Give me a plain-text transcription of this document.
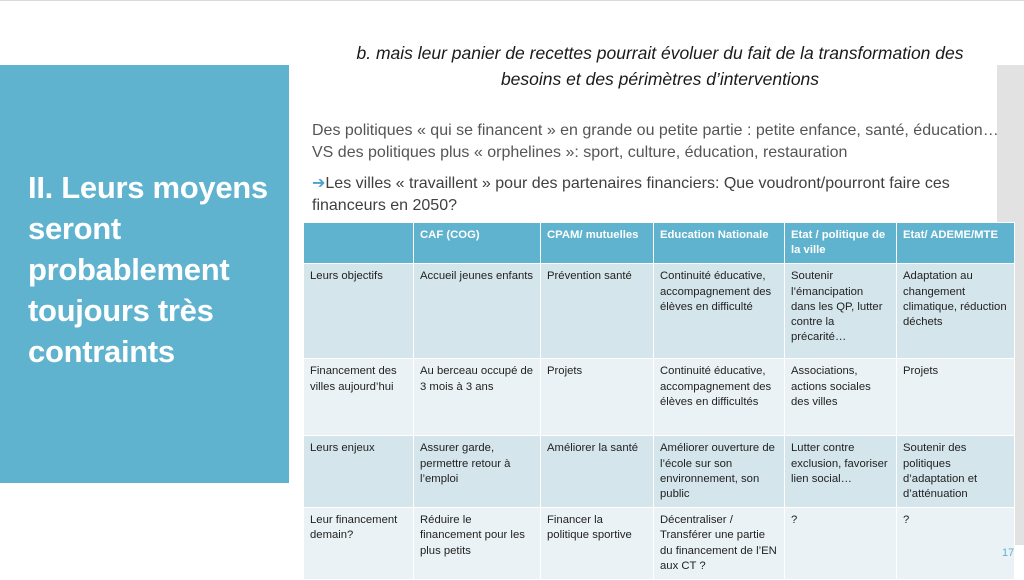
II. Leurs moyens seront probablement toujours très contraints
b. mais leur panier de recettes pourrait évoluer du fait de la transformation des besoins et des périmètres d’interventions
Des politiques « qui se financent » en grande ou petite partie : petite enfance, santé, éducation… VS des politiques plus « orphelines »: sport, culture, éducation, restauration
➔Les villes « travaillent » pour des partenaires financiers: Que voudront/pourront faire ces financeurs en 2050?
	CAF (COG)	CPAM/ mutuelles	Education Nationale	Etat / politique de la ville	Etat/ ADEME/MTE
Leurs objectifs	Accueil jeunes enfants	Prévention santé	Continuité éducative, accompagnement des élèves en difficulté	Soutenir l’émancipation dans les QP, lutter contre la précarité…	Adaptation au changement climatique, réduction déchets
Financement des villes aujourd’hui	Au berceau occupé de 3 mois à 3 ans	Projets	Continuité éducative, accompagnement des élèves en difficultés	Associations, actions sociales des villes	Projets
Leurs enjeux	Assurer garde, permettre retour à l’emploi	Améliorer la santé	Améliorer ouverture de l’école sur son environnement, son public	Lutter contre exclusion, favoriser lien social…	Soutenir des politiques d’adaptation et d’atténuation
Leur financement demain?	Réduire le financement pour les plus petits	Financer la politique sportive	Décentraliser / Transférer une partie du financement de l’EN aux CT ?	?	?
17
